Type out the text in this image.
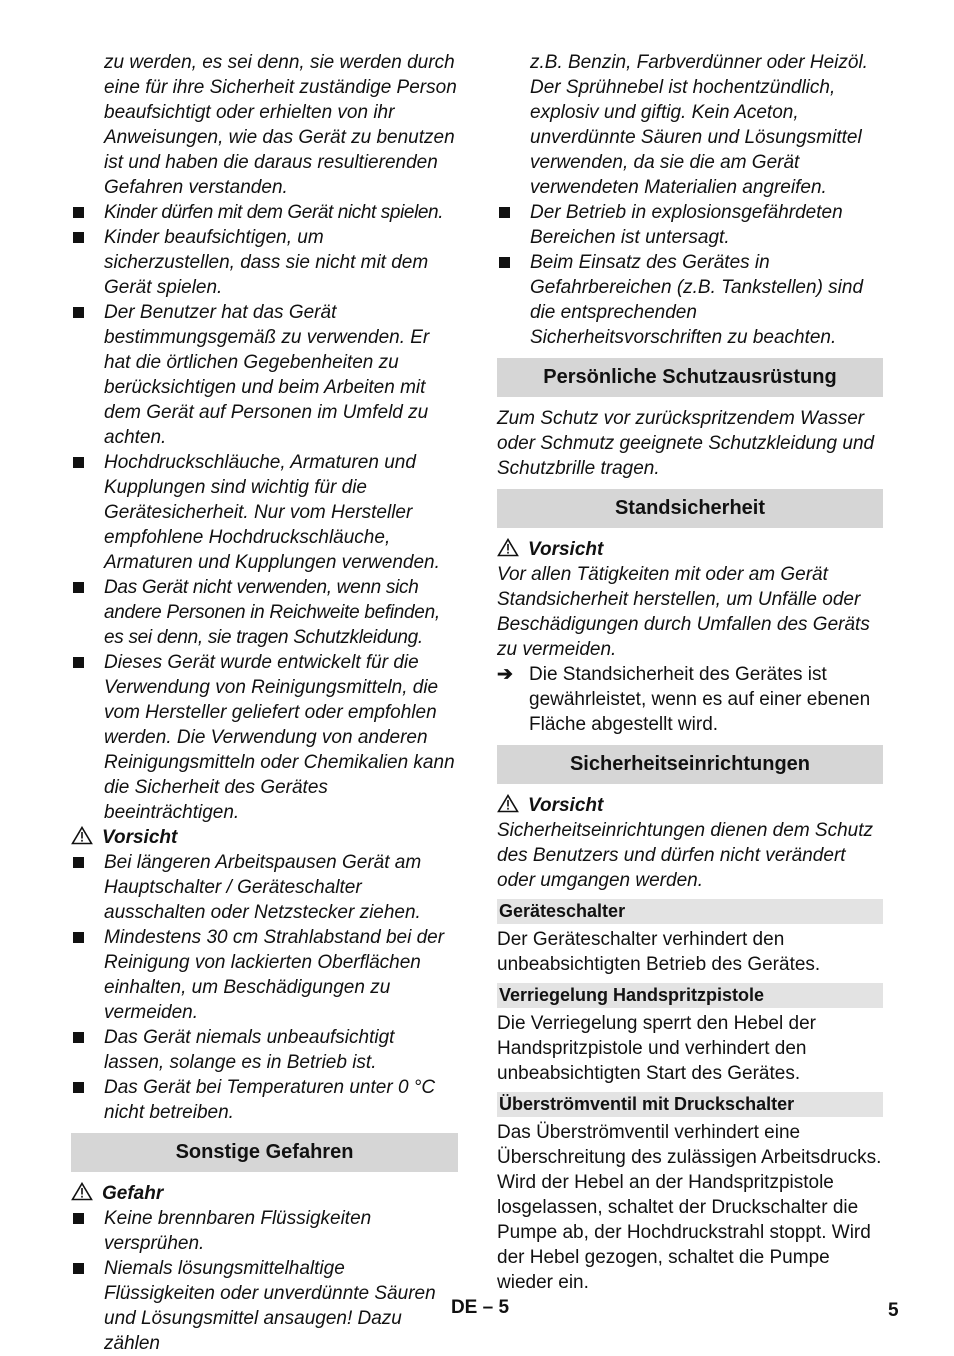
zu werden, es sei denn, sie werden durch eine für ihre Sicherheit zuständige Person beaufsichtigt oder erhielten von ihr Anweisungen, wie das Gerät zu benutzen ist und haben die daraus resultierenden Gefahren verstanden.

Kinder dürfen mit dem Gerät nicht spielen.

Kinder beaufsichtigen, um sicherzustellen, dass sie nicht mit dem Gerät spielen.

Der Benutzer hat das Gerät bestimmungsgemäß zu verwenden. Er hat die örtlichen Gegebenheiten zu berücksichtigen und beim Arbeiten mit dem Gerät auf Personen im Umfeld zu achten.

Hochdruckschläuche, Armaturen und Kupplungen sind wichtig für die Gerätesicherheit. Nur vom Hersteller empfohlene Hochdruckschläuche, Armaturen und Kupplungen verwenden.

Das Gerät nicht verwenden, wenn sich andere Personen in Reichweite befinden, es sei denn, sie tragen Schutzkleidung.

Dieses Gerät wurde entwickelt für die Verwendung von Reinigungsmitteln, die vom Hersteller geliefert oder empfohlen werden. Die Verwendung von anderen Reinigungsmitteln oder Chemikalien kann die Sicherheit des Gerätes beeinträchtigen.

Vorsicht

Bei längeren Arbeitspausen Gerät am Hauptschalter / Geräteschalter ausschalten oder Netzstecker ziehen.

Mindestens 30 cm Strahlabstand bei der Reinigung von lackierten Oberflächen einhalten, um Beschädigungen zu vermeiden.

Das Gerät niemals unbeaufsichtigt lassen, solange es in Betrieb ist.

Das Gerät bei Temperaturen unter 0 °C nicht betreiben.

Sonstige Gefahren

Gefahr

Keine brennbaren Flüssigkeiten versprühen.

Niemals lösungsmittelhaltige Flüssigkeiten oder unverdünnte Säuren und Lösungsmittel ansaugen! Dazu zählen

z.B. Benzin, Farbverdünner oder Heizöl. Der Sprühnebel ist hochentzündlich, explosiv und giftig. Kein Aceton, unverdünnte Säuren und Lösungsmittel verwenden, da sie die am Gerät verwendeten Materialien angreifen.

Der Betrieb in explosionsgefährdeten Bereichen ist untersagt.

Beim Einsatz des Gerätes in Gefahrbereichen (z.B. Tankstellen) sind die entsprechenden Sicherheitsvorschriften zu beachten.

Persönliche Schutzausrüstung

Zum Schutz vor zurückspritzendem Wasser oder Schmutz geeignete Schutzkleidung und Schutzbrille tragen.

Standsicherheit

Vorsicht

Vor allen Tätigkeiten mit oder am Gerät Standsicherheit herstellen, um Unfälle oder Beschädigungen durch Umfallen des Geräts zu vermeiden.

➔ Die Standsicherheit des Gerätes ist gewährleistet, wenn es auf einer ebenen Fläche abgestellt wird.

Sicherheitseinrichtungen

Vorsicht

Sicherheitseinrichtungen dienen dem Schutz des Benutzers und dürfen nicht verändert oder umgangen werden.

Geräteschalter

Der Geräteschalter verhindert den unbeabsichtigten Betrieb des Gerätes.

Verriegelung Handspritzpistole

Die Verriegelung sperrt den Hebel der Handspritzpistole und verhindert den unbeabsichtigten Start des Gerätes.

Überströmventil mit Druckschalter

Das Überströmventil verhindert eine Überschreitung des zulässigen Arbeitsdrucks. Wird der Hebel an der Handspritzpistole losgelassen, schaltet der Druckschalter die Pumpe ab, der Hochdruckstrahl stoppt. Wird der Hebel gezogen, schaltet die Pumpe wieder ein.

DE – 5	5
